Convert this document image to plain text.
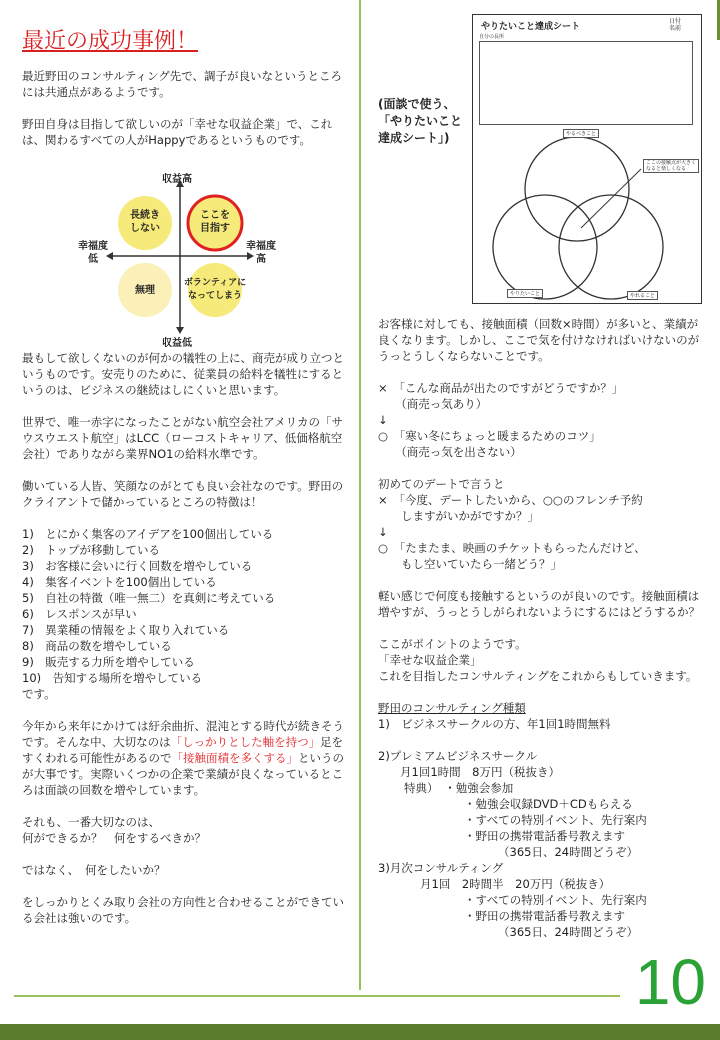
最近の成功事例！

最近野田のコンサルティング先で、調子が良いなというところには共通点があるようです。

野田自身は目指して欲しいのが「幸せな収益企業」で、これは、関わるすべての人がHappyであるというものです。

収益高
収益低
幸福度
低
幸福度
高
長続き
しない
ここを
目指す
無理
ボランティアに
なってしまう

最もして欲しくないのが何かの犠牲の上に、商売が成り立つというものです。安売りのために、従業員の給料を犠牲にするというのは、ビジネスの継続はしにくいと思います。

世界で、唯一赤字になったことがない航空会社アメリカの「サウスウエスト航空」はLCC（ローコストキャリア、低価格航空会社）でありながら業界NO1の給料水準です。

働いている人皆、笑顔なのがとても良い会社なのです。野田のクライアントで儲かっているところの特徴は！

1)　とにかく集客のアイデアを100個出している
2)　トップが移動している
3)　お客様に会いに行く回数を増やしている
4)　集客イベントを100個出している
5)　自社の特徴（唯一無二）を真剣に考えている
6)　レスポンスが早い
7)　異業種の情報をよく取り入れている
8)　商品の数を増やしている
9)　販売する力所を増やしている
10)　告知する場所を増やしている

です。

今年から来年にかけては紆余曲折、混沌とする時代が続きそうです。そんな中、大切なのは「しっかりとした軸を持つ」足をすくわれる可能性があるので「接触面積を多くする」というのが大事です。実際いくつかの企業で業績が良くなっているところは面談の回数を増やしています。

それも、一番大切なのは、
何ができるか？　何をするべきか？

ではなく、　何をしたいか？

をしっかりとくみ取り会社の方向性と合わせることができている会社は強いのです。

(面談で使う、
「やりたいこと
達成シート」)
やりたいこと達成シート
日付
名前
自分の長所
やるべきこと
ここの接触点が大きくなると楽しくなる
やりたいこと	やれること

お客様に対しても、接触面積（回数×時間）が多いと、業績が良くなります。しかし、ここで気を付けなければいけないのがうっとうしくならないことです。

×　「こんな商品が出たのですがどうですか？」
　　（商売っ気あり）
↓
○　「寒い冬にちょっと暖まるためのコツ」

　　（商売っ気を出さない）

初めてのデートで言うと
×　「今度、デートしたいから、○○のフレンチ予約
　　しますがいかがですか？」
↓
○　「たまたま、映画のチケットもらったんだけど、

　　もし空いていたら一緒どう？」

軽い感じで何度も接触するというのが良いのです。接触面積は増やすが、うっとうしがられないようにするにはどうするか？

ここがポイントのようです。
「幸せな収益企業」

これを目指したコンサルティングをこれからもしていきます。

野田のコンサルティング種類

1)　ビジネスサークルの方、年1回1時間無料

2)プレミアムビジネスサークル
月1回1時間　8万円（税抜き）
特典）　・勉強会参加
・勉強会収録DVD＋CDもらえる
・すべての特別イベント、先行案内
・野田の携帯電話番号教えます
（365日、24時間どうぞ）
3)月次コンサルティング
月1回　2時間半　20万円（税抜き）
・すべての特別イベント、先行案内
・野田の携帯電話番号教えます
（365日、24時間どうぞ）
10
